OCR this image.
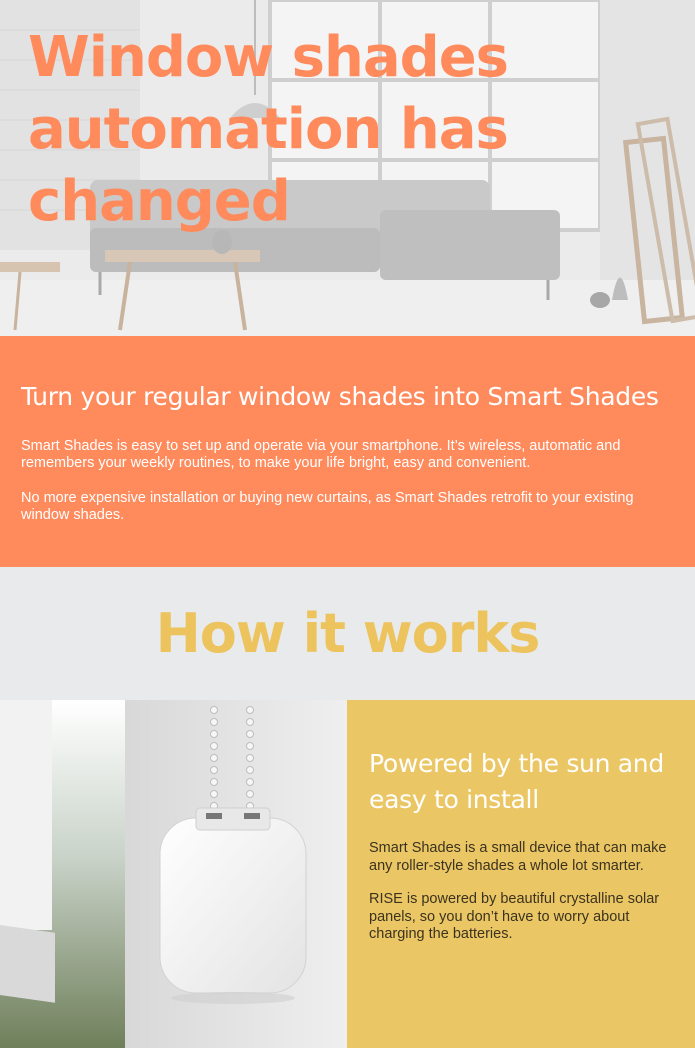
Window shades automation has changed
Turn your regular window shades into Smart Shades

Smart Shades is easy to set up and operate via your smartphone. It’s wireless, automatic and remembers your weekly routines, to make your life bright, easy and convenient.

No more expensive installation or buying new curtains, as Smart Shades retrofit to your existing window shades.

How it works
Powered by the sun and easy to install

Smart Shades is a small device that can make any roller-style shades a whole lot smarter.

RISE is powered by beautiful crystalline solar panels, so you don’t have to worry about charging the batteries.
